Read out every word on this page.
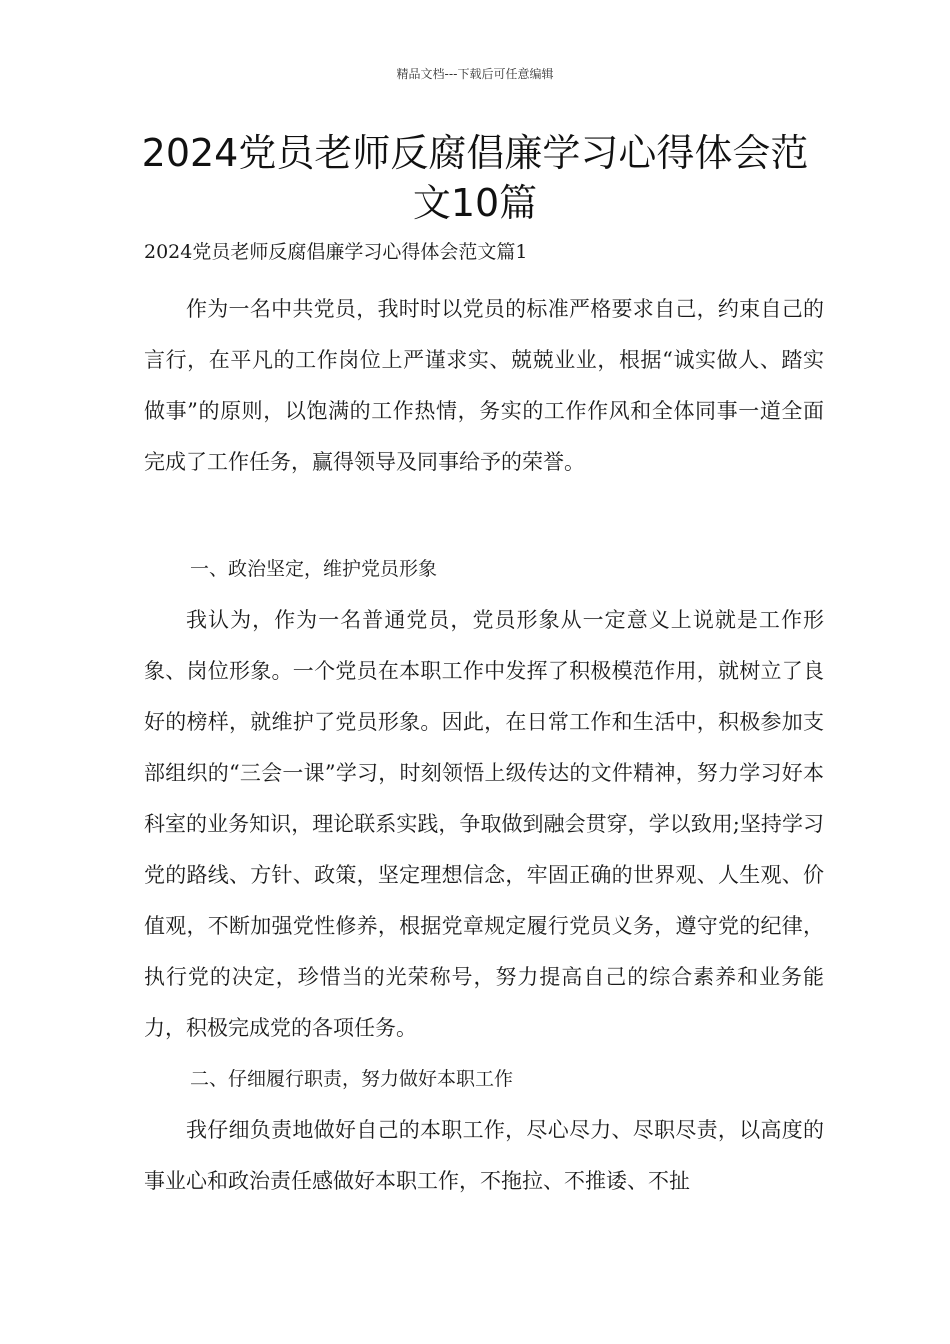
精品文档---下载后可任意编辑
2024党员老师反腐倡廉学习心得体会范
文10篇
2024党员老师反腐倡廉学习心得体会范文篇1

作为一名中共党员，我时时以党员的标准严格要求自己，约束自己的言行，在平凡的工作岗位上严谨求实、兢兢业业，根据“诚实做人、踏实做事”的原则，以饱满的工作热情，务实的工作作风和全体同事一道全面完成了工作任务，赢得领导及同事给予的荣誉。

一、政治坚定，维护党员形象

我认为，作为一名普通党员，党员形象从一定意义上说就是工作形象、岗位形象。一个党员在本职工作中发挥了积极模范作用，就树立了良好的榜样，就维护了党员形象。因此，在日常工作和生活中，积极参加支部组织的“三会一课”学习，时刻领悟上级传达的文件精神，努力学习好本科室的业务知识，理论联系实践，争取做到融会贯穿，学以致用;坚持学习党的路线、方针、政策，坚定理想信念，牢固正确的世界观、人生观、价值观，不断加强党性修养，根据党章规定履行党员义务，遵守党的纪律，执行党的决定，珍惜当的光荣称号，努力提高自己的综合素养和业务能力，积极完成党的各项任务。

二、仔细履行职责，努力做好本职工作

我仔细负责地做好自己的本职工作，尽心尽力、尽职尽责，以高度的事业心和政治责任感做好本职工作，不拖拉、不推诿、不扯
